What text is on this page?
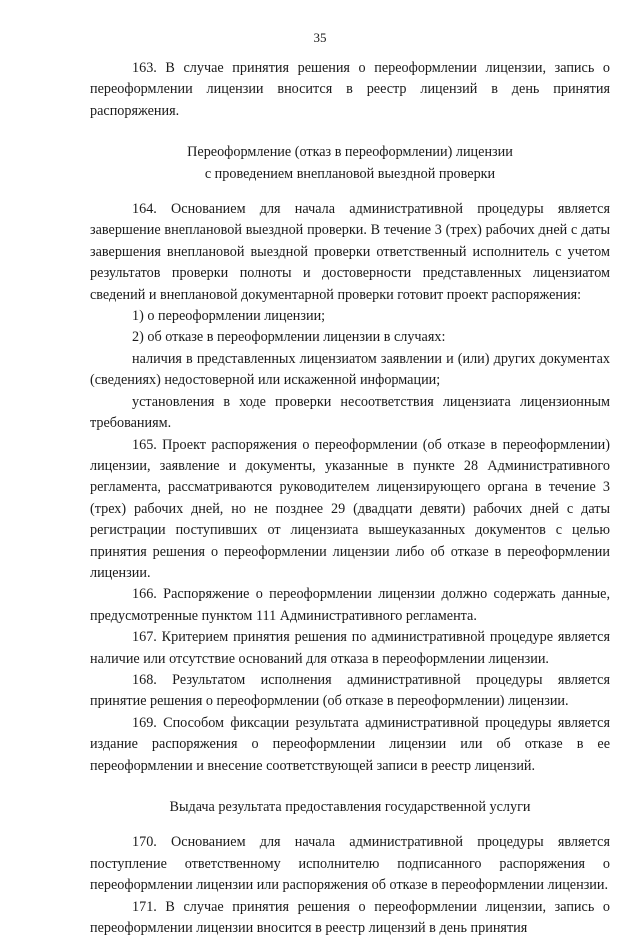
35

163. В случае принятия решения о переоформлении лицензии, запись о переоформлении лицензии вносится в реестр лицензий в день принятия распоряжения.

Переоформление (отказ в переоформлении) лицензии
с проведением внеплановой выездной проверки

164. Основанием для начала административной процедуры является завершение внеплановой выездной проверки. В течение 3 (трех) рабочих дней с даты завершения внеплановой выездной проверки ответственный исполнитель с учетом результатов проверки полноты и достоверности представленных лицензиатом сведений и внеплановой документарной проверки готовит проект распоряжения:

1) о переоформлении лицензии;

2) об отказе в переоформлении лицензии в случаях:

наличия в представленных лицензиатом заявлении и (или) других документах (сведениях) недостоверной или искаженной информации;

установления в ходе проверки несоответствия лицензиата лицензионным требованиям.

165. Проект распоряжения о переоформлении (об отказе в переоформлении) лицензии, заявление и документы, указанные в пункте 28 Административного регламента, рассматриваются руководителем лицензирующего органа в течение 3 (трех) рабочих дней, но не позднее 29 (двадцати девяти) рабочих дней с даты регистрации поступивших от лицензиата вышеуказанных документов с целью принятия решения о переоформлении лицензии либо об отказе в переоформлении лицензии.

166. Распоряжение о переоформлении лицензии должно содержать данные, предусмотренные пунктом 111 Административного регламента.

167. Критерием принятия решения по административной процедуре является наличие или отсутствие оснований для отказа в переоформлении лицензии.

168. Результатом исполнения административной процедуры является принятие решения о переоформлении (об отказе в переоформлении) лицензии.

169. Способом фиксации результата административной процедуры является издание распоряжения о переоформлении лицензии или об отказе в ее переоформлении и внесение соответствующей записи в реестр лицензий.

Выдача результата предоставления государственной услуги

170. Основанием для начала административной процедуры является поступление ответственному исполнителю подписанного распоряжения о переоформлении лицензии или распоряжения об отказе в переоформлении лицензии.

171. В случае принятия решения о переоформлении лицензии, запись о переоформлении лицензии вносится в реестр лицензий в день принятия
